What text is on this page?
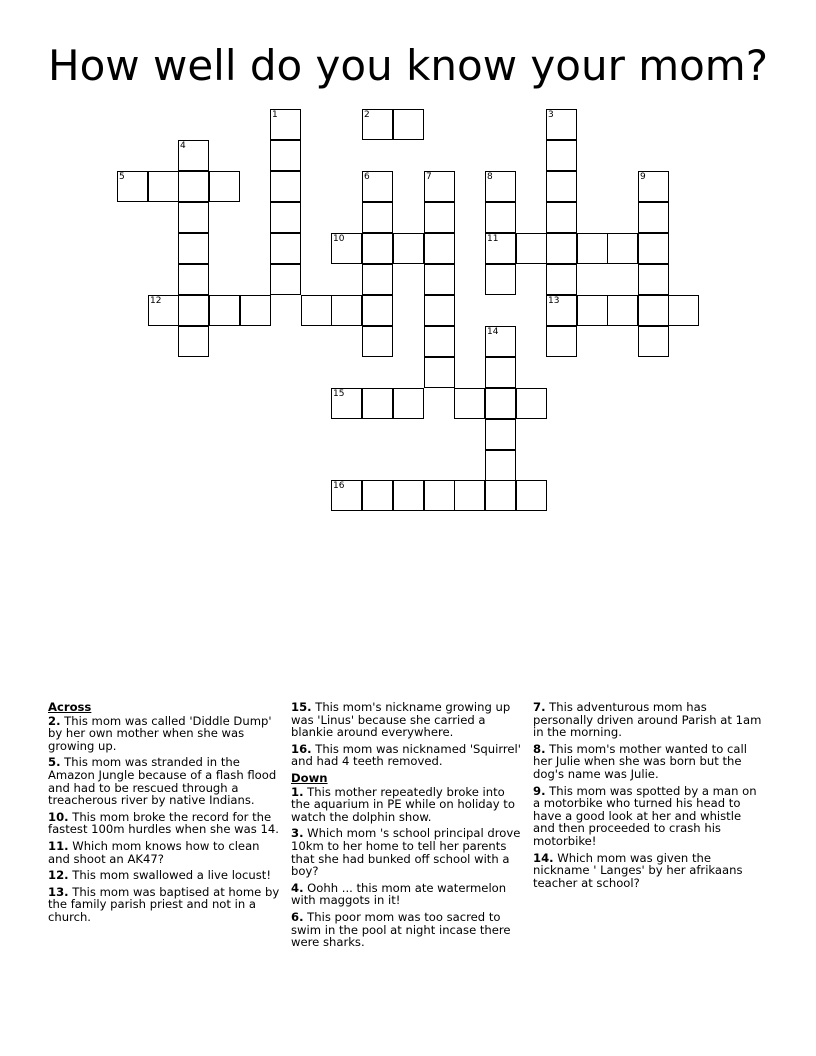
How well do you know your mom?
1	2	3
4
5	6	7	8	9
10	11
12	13
14
15
16
Across
2. This mom was called 'Diddle Dump' by her own mother when she was growing up.
5. This mom was stranded in the Amazon Jungle because of a flash flood and had to be rescued through a treacherous river by native Indians.
10. This mom broke the record for the fastest 100m hurdles when she was 14.
11. Which mom knows how to clean and shoot an AK47?
12. This mom swallowed a live locust!
13. This mom was baptised at home by the family parish priest and not in a church.
15. This mom's nickname growing up was 'Linus' because she carried a blankie around everywhere.
16. This mom was nicknamed 'Squirrel' and had 4 teeth removed.
Down
1. This mother repeatedly broke into the aquarium in PE while on holiday to watch the dolphin show.
3. Which mom 's school principal drove 10km to her home to tell her parents that she had bunked off school with a boy?
4. Oohh ... this mom ate watermelon with maggots in it!
6. This poor mom was too sacred to swim in the pool at night incase there were sharks.
7. This adventurous mom has personally driven around Parish at 1am in the morning.
8. This mom's mother wanted to call her Julie when she was born but the dog's name was Julie.
9. This mom was spotted by a man on a motorbike who turned his head to have a good look at her and whistle and then proceeded to crash his motorbike!
14. Which mom was given the nickname ' Langes' by her afrikaans teacher at school?
